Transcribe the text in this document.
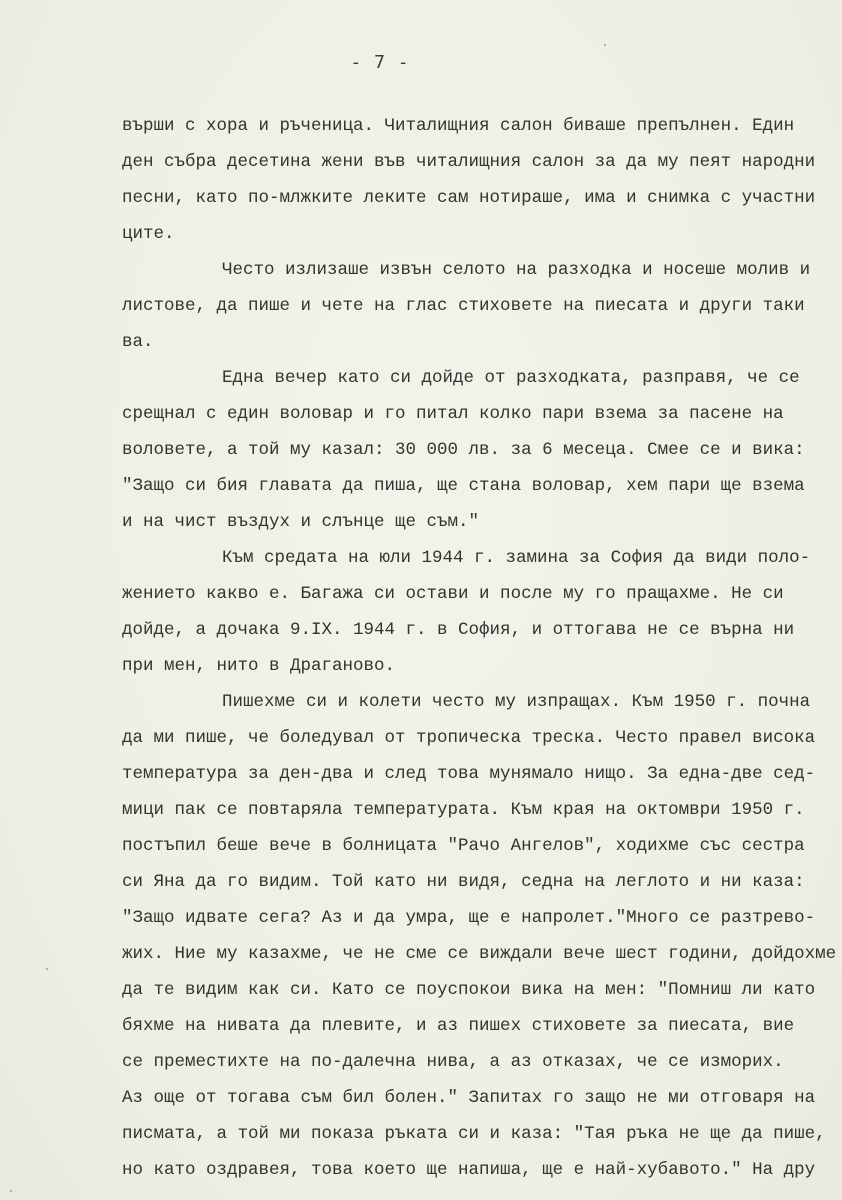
- 7 -
върши с хора и ръченица. Читалищния салон биваше препълнен. Един
ден събра десетина жени във читалищния салон за да му пеят народни
песни, като по-млжките леките сам нотираше, има и снимка с участни
ците.
Често излизаше извън селото на разходка и носеше молив и
листове, да пише и чете на глас стиховете на пиесата и други таки
ва.
Една вечер като си дойде от разходката, разправя, че се
срещнал с един воловар и го питал колко пари взема за пасене на
воловете, а той му казал: 30 000 лв. за 6 месеца. Смее се и вика:
"Защо си бия главата да пиша, ще стана воловар, хем пари ще взема
и на чист въздух и слънце ще съм."
Към средата на юли 1944 г. замина за София да види поло-
жението какво е. Багажа си остави и после му го пращахме. Не си
дойде, а дочака 9.IX. 1944 г. в София, и оттогава не се върна ни
при мен, нито в Драганово.
Пишехме си и колети често му изпращах. Към 1950 г. почна
да ми пише, че боледувал от тропическа треска. Често правел висока
температура за ден-два и след това мунямало нищо. За една-две сед-
мици пак се повтаряла температурата. Към края на октомври 1950 г.
постъпил беше вече в болницата "Рачо Ангелов", ходихме със сестра
си Яна да го видим. Той като ни видя, седна на леглото и ни каза:
"Защо идвате сега? Аз и да умра, ще е напролет."Много се разтрево-
жих. Ние му казахме, че не сме се виждали вече шест години, дойдохме
да те видим как си. Като се поуспокои вика на мен: "Помниш ли като
бяхме на нивата да плевите, и аз пишех стиховете за пиесата, вие
се преместихте на по-далечна нива, а аз отказах, че се изморих.
Аз още от тогава съм бил болен." Запитах го защо не ми отговаря на
писмата, а той ми показа ръката си и каза: "Тая ръка не ще да пише,
но като оздравея, това което ще напиша, ще е най-хубавото." На дру
